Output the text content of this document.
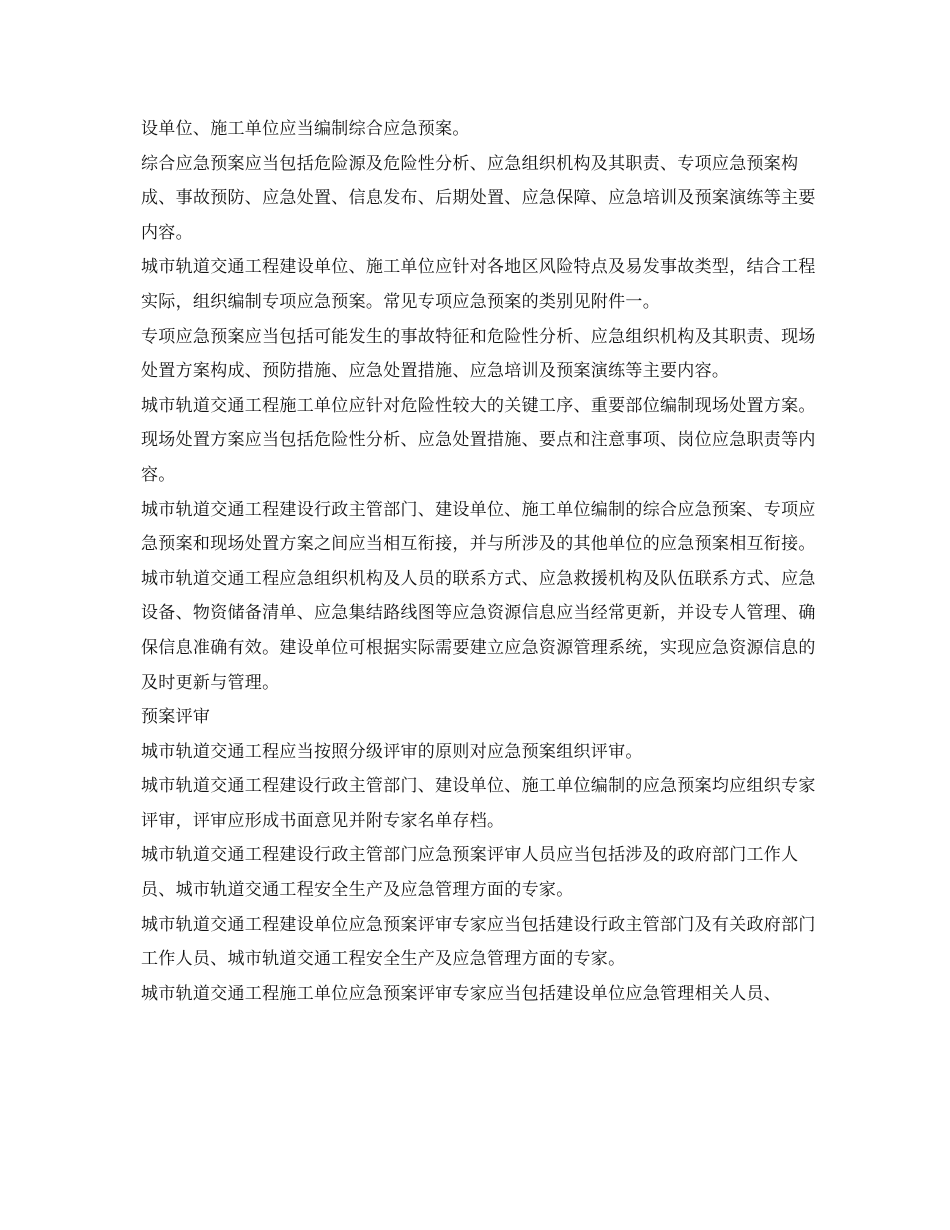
设单位、施工单位应当编制综合应急预案。

综合应急预案应当包括危险源及危险性分析、应急组织机构及其职责、专项应急预案构成、事故预防、应急处置、信息发布、后期处置、应急保障、应急培训及预案演练等主要内容。

城市轨道交通工程建设单位、施工单位应针对各地区风险特点及易发事故类型，结合工程实际，组织编制专项应急预案。常见专项应急预案的类别见附件一。

专项应急预案应当包括可能发生的事故特征和危险性分析、应急组织机构及其职责、现场处置方案构成、预防措施、应急处置措施、应急培训及预案演练等主要内容。

城市轨道交通工程施工单位应针对危险性较大的关键工序、重要部位编制现场处置方案。

现场处置方案应当包括危险性分析、应急处置措施、要点和注意事项、岗位应急职责等内容。

城市轨道交通工程建设行政主管部门、建设单位、施工单位编制的综合应急预案、专项应急预案和现场处置方案之间应当相互衔接，并与所涉及的其他单位的应急预案相互衔接。

城市轨道交通工程应急组织机构及人员的联系方式、应急救援机构及队伍联系方式、应急设备、物资储备清单、应急集结路线图等应急资源信息应当经常更新，并设专人管理、确保信息准确有效。建设单位可根据实际需要建立应急资源管理系统，实现应急资源信息的及时更新与管理。

预案评审

城市轨道交通工程应当按照分级评审的原则对应急预案组织评审。

城市轨道交通工程建设行政主管部门、建设单位、施工单位编制的应急预案均应组织专家评审，评审应形成书面意见并附专家名单存档。

城市轨道交通工程建设行政主管部门应急预案评审人员应当包括涉及的政府部门工作人员、城市轨道交通工程安全生产及应急管理方面的专家。

城市轨道交通工程建设单位应急预案评审专家应当包括建设行政主管部门及有关政府部门工作人员、城市轨道交通工程安全生产及应急管理方面的专家。

城市轨道交通工程施工单位应急预案评审专家应当包括建设单位应急管理相关人员、
